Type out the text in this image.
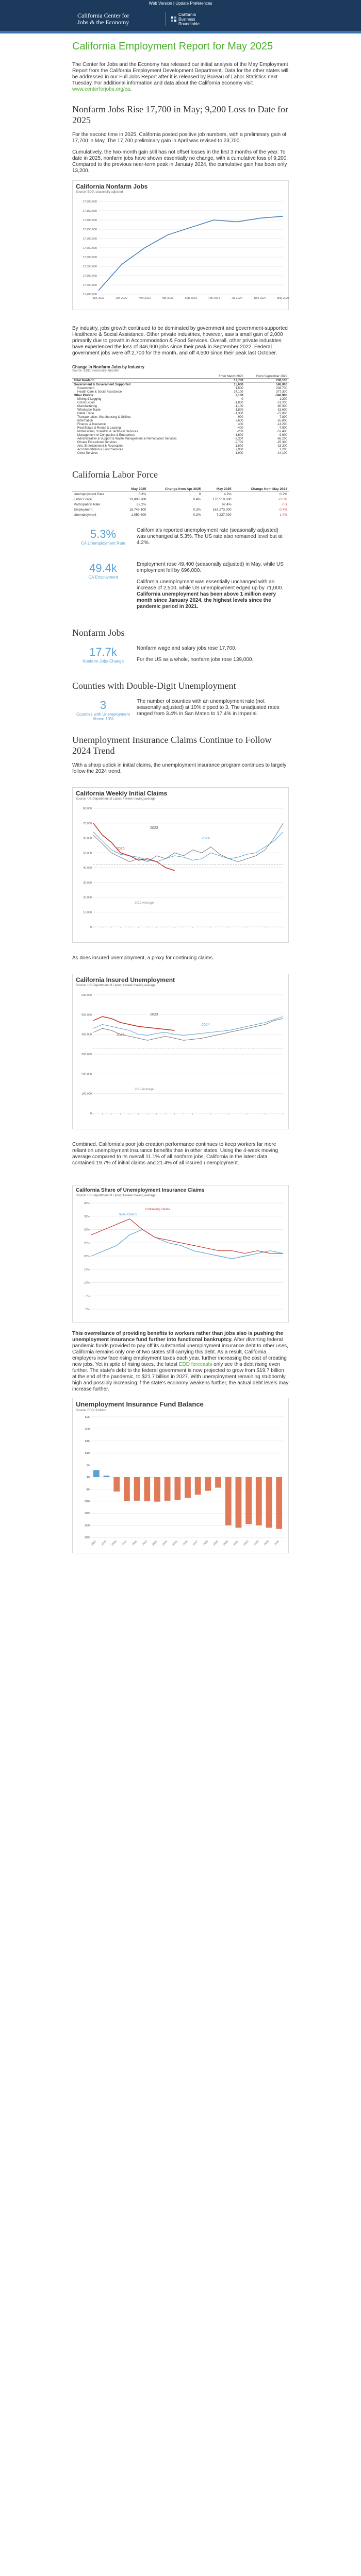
Web Version | Update Preferences
California Center for
Jobs & the Economy
California
Business
Roundtable
California Employment Report for May 2025

The Center for Jobs and the Economy has released our initial analysis of the May Employment Report from the California Employment Development Department. Data for the other states will be addressed in our Full Jobs Report after it is released by Bureau of Labor Statistics next Tuesday. For additional information and data about the California economy visit www.centerforjobs.org/ca.

Nonfarm Jobs Rise 17,700 in May; 9,200 Loss to Date for 2025

For the second time in 2025, California posted positive job numbers, with a preliminary gain of 17,700 in May. The 17,700 preliminary gain in April was revised to 23,700.

Cumulatively, the two-month gain still has not offset losses in the first 3 months of the year. To date in 2025, nonfarm jobs have shown essentially no change, with a cumulative loss of 9,200. Compared to the previous near-term peak in January 2024, the cumulative gain has been only 13,200.

California Nonfarm Jobs
Source: EDD; seasonally adjusted
17,900,000
17,850,000
17,800,000
17,750,000
17,700,000
17,650,000
17,600,000
17,550,000
17,500,000
17,450,000
17,400,000
Jan 2022	Jun 2022	Nov 2022	Apr 2023	Sep 2023	Feb 2024	Jul 2024	Dec 2024	May 2025

By industry, jobs growth continued to be dominated by government and government-supported Healthcare & Social Assistance. Other private industries, however, saw a small gain of 2,000 primarily due to growth in Accommodation & Food Services. Overall, other private industries have experienced the loss of 346,900 jobs since their peak in September 2022. Federal government jobs were off 2,700 for the month, and off 4,500 since their peak last October.

Change in Nonfarm Jobs by Industry
Source: EDD; seasonally adjusted
	From March 2025	From September 2022
Total Nonfarm	17,700	238,100
Government & Government Supported	15,600	586,000
Government	1,500	208,700
Health Care & Social Assistance	14,100	377,300
Other Private	2,100	-346,900
Mining & Logging	0	-1,200
Construction	-1,800	-11,200
Manufacturing	-1,100	-60,300
Wholesale Trade	1,800	-15,600
Retail Trade	-1,300	-27,000
Transportation, Warehousing & Utilities	900	-7,800
Information	2,600	-55,800
Finance & Insurance	400	-14,200
Real Estate & Rental & Leasing	-400	-7,800
Professional, Scientific & Technical Services	-200	-52,400
Management of Companies & Enterprises	1,600	-9,600
Administrative & Support & Waste Management & Remediation Services	-2,300	-66,200
Private Educational Services	-2,700	-25,300
Arts, Entertainment & Recreation	-1,800	-18,200
Accommodation & Food Services	7,900	1,200
Other Services	-1,900	-14,100
California Labor Force
	May 2025	Change from Apr 2025	May 2025	Change from May 2024
Unemployment Rate	5.3%	0	4.2%	0.2%
Labor Force	19,808,900	0.4%	170,510,000	-0.6%
Participation Rate	62.2%		62.4%	-0.1
Employment	18,749,100	0.3%	163,273,000	-0.4%
Unemployment	1,059,800	0.2%	7,237,000	1.0%
5.3%
CA Unemployment Rate

California's reported unemployment rate (seasonally adjusted) was unchanged at 5.3%. The US rate also remained level but at 4.2%.

49.4k
CA Employment

Employment rose 49,400 (seasonally adjusted) in May, while US employment fell by 696,000.

California unemployment was essentially unchanged with an increase of 2,500, while US unemployment edged up by 71,000. California unemployment has been above 1 million every month since January 2024, the highest levels since the pandemic period in 2021.

Nonfarm Jobs
17.7k
Nonfarm Jobs Change

Nonfarm wage and salary jobs rose 17,700.

For the US as a whole, nonfarm jobs rose 139,000.

Counties with Double-Digit Unemployment
3
Counties with Unemployment Above 10%

The number of counties with an unemployment rate (not seasonally adjusted) at 10% dipped to 3. The unadjusted rates ranged from 3.4% in San Mateo to 17.4% in Imperial.

Unemployment Insurance Claims Continue to Follow 2024 Trend

With a sharp uptick in initial claims, the unemployment insurance program continues to largely follow the 2024 trend.

California Weekly Initial Claims
Source: US Department of Labor; 4-week moving average
80,000
70,000
60,000
50,000
40,000
30,000
20,000
10,000
0
2023
2024
2025
2019 Average

As does insured unemployment, a proxy for continuing claims.

California Insured Unemployment
Source: US Department of Labor; 4-week moving average
600,000
500,000
400,000
300,000
200,000
100,000
0
2023
2024
2025
2019 Average

Combined, California's poor job creation performance continues to keep workers far more reliant on unemployment insurance benefits than in other states. Using the 4-week moving average compared to its overall 11.1% of all nonfarm jobs, California in the latest data contained 19.7% of initial claims and 21.4% of all insured unemployment.

California Share of Unemployment Insurance Claims
Source: US Department of Labor; 4-week moving average
40%
35%
30%
25%
20%
15%
10%
5%
0%
Initial Claims
Continuing Claims

This overreliance of providing benefits to workers rather than jobs also is pushing the unemployment insurance fund further into functional bankruptcy. After diverting federal pandemic funds provided to pay off its substantial unemployment insurance debt to other uses, California remains only one of two states still carrying this debt. As a result, California employers now face rising employment taxes each year, further increasing the cost of creating new jobs. Yet in spite of rising taxes, the latest EDD forecasts only see this debt rising even further. The state's debt to the federal government is now projected to grow from $19.7 billion at the end of the pandemic, to $21.7 billion in 2027. With unemployment remaining stubbornly high and possibly increasing if the state's economy weakens further, the actual debt levels may increase further.

Unemployment Insurance Fund Balance
Source: EDD; $ billion
$25
$20
$15
$10
$5
$0
-$5
-$10
-$15
-$20
-$25
2007 2008 2009 2010 2011 2012 2013 2014 2015 2016 2017 2018 2019 2020 2021 2022 2023 2024 2025
